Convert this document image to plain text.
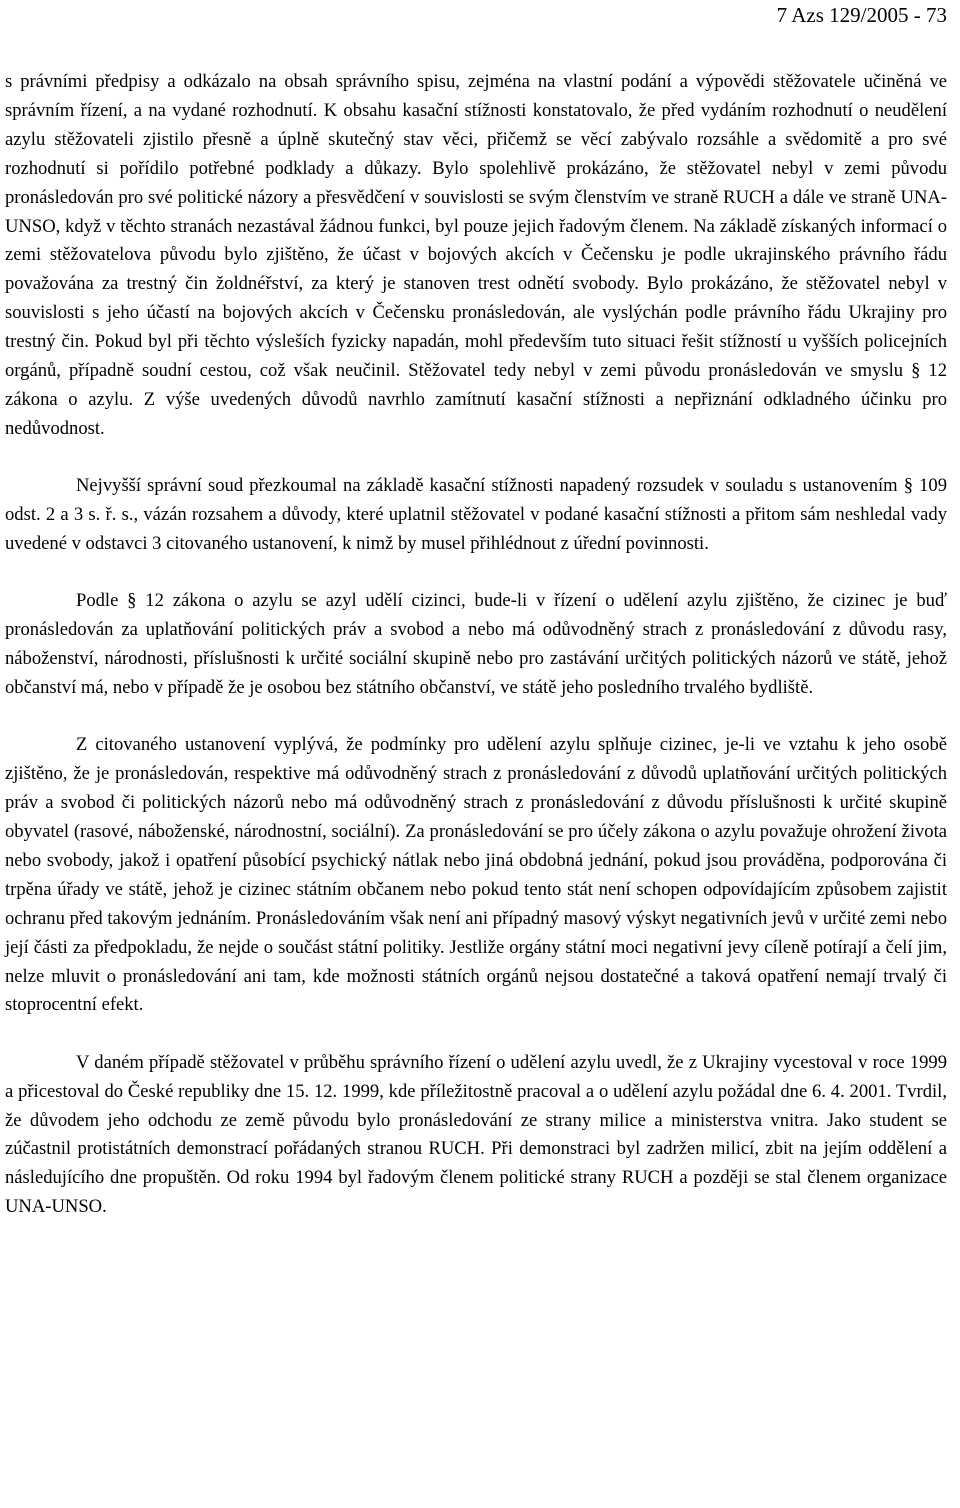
7 Azs 129/2005 - 73

s právními předpisy a odkázalo na obsah správního spisu, zejména na vlastní podání a výpovědi stěžovatele učiněná ve správním řízení, a na vydané rozhodnutí. K obsahu kasační stížnosti konstatovalo, že před vydáním rozhodnutí o neudělení azylu stěžovateli zjistilo přesně a úplně skutečný stav věci, přičemž se věcí zabývalo rozsáhle a svědomitě a pro své rozhodnutí si pořídilo potřebné podklady a důkazy. Bylo spolehlivě prokázáno, že stěžovatel nebyl v zemi původu pronásledován pro své politické názory a přesvědčení v souvislosti se svým členstvím ve straně RUCH a dále ve straně UNA-UNSO, když v těchto stranách nezastával žádnou funkci, byl pouze jejich řadovým členem. Na základě získaných informací o zemi stěžovatelova původu bylo zjištěno, že účast v bojových akcích v Čečensku je podle ukrajinského právního řádu považována za trestný čin žoldnéřství, za který je stanoven trest odnětí svobody. Bylo prokázáno, že stěžovatel nebyl v souvislosti s jeho účastí na bojových akcích v Čečensku pronásledován, ale vyslýchán podle právního řádu Ukrajiny pro trestný čin. Pokud byl při těchto výsleších fyzicky napadán, mohl především tuto situaci řešit stížností u vyšších policejních orgánů, případně soudní cestou, což však neučinil. Stěžovatel tedy nebyl v zemi původu pronásledován ve smyslu § 12 zákona o azylu. Z výše uvedených důvodů navrhlo zamítnutí kasační stížnosti a nepřiznání odkladného účinku pro nedůvodnost.

Nejvyšší správní soud přezkoumal na základě kasační stížnosti napadený rozsudek v souladu s ustanovením § 109 odst. 2 a 3 s. ř. s., vázán rozsahem a důvody, které uplatnil stěžovatel v podané kasační stížnosti a přitom sám neshledal vady uvedené v odstavci 3 citovaného ustanovení, k nimž by musel přihlédnout z úřední povinnosti.

Podle § 12 zákona o azylu se azyl udělí cizinci, bude-li v řízení o udělení azylu zjištěno, že cizinec je buď pronásledován za uplatňování politických práv a svobod a nebo má odůvodněný strach z pronásledování z důvodu rasy, náboženství, národnosti, příslušnosti k určité sociální skupině nebo pro zastávání určitých politických názorů ve státě, jehož občanství má, nebo v případě že je osobou bez státního občanství, ve státě jeho posledního trvalého bydliště.

Z citovaného ustanovení vyplývá, že podmínky pro udělení azylu splňuje cizinec, je-li ve vztahu k jeho osobě zjištěno, že je pronásledován, respektive má odůvodněný strach z pronásledování z důvodů uplatňování určitých politických práv a svobod či politických názorů nebo má odůvodněný strach z pronásledování z důvodu příslušnosti k určité skupině obyvatel (rasové, náboženské, národnostní, sociální). Za pronásledování se pro účely zákona o azylu považuje ohrožení života nebo svobody, jakož i opatření působící psychický nátlak nebo jiná obdobná jednání, pokud jsou prováděna, podporována či trpěna úřady ve státě, jehož je cizinec státním občanem nebo pokud tento stát není schopen odpovídajícím způsobem zajistit ochranu před takovým jednáním. Pronásledováním však není ani případný masový výskyt negativních jevů v určité zemi nebo její části za předpokladu, že nejde o součást státní politiky. Jestliže orgány státní moci negativní jevy cíleně potírají a čelí jim, nelze mluvit o pronásledování ani tam, kde možnosti státních orgánů nejsou dostatečné a taková opatření nemají trvalý či stoprocentní efekt.

V daném případě stěžovatel v průběhu správního řízení o udělení azylu uvedl, že z Ukrajiny vycestoval v roce 1999 a přicestoval do České republiky dne 15. 12. 1999, kde příležitostně pracoval a o udělení azylu požádal dne 6. 4. 2001. Tvrdil, že důvodem jeho odchodu ze země původu bylo pronásledování ze strany milice a ministerstva vnitra. Jako student se zúčastnil protistátních demonstrací pořádaných stranou RUCH. Při demonstraci byl zadržen milicí, zbit na jejím oddělení a následujícího dne propuštěn. Od roku 1994 byl řadovým členem politické strany RUCH a později se stal členem organizace UNA-UNSO.
